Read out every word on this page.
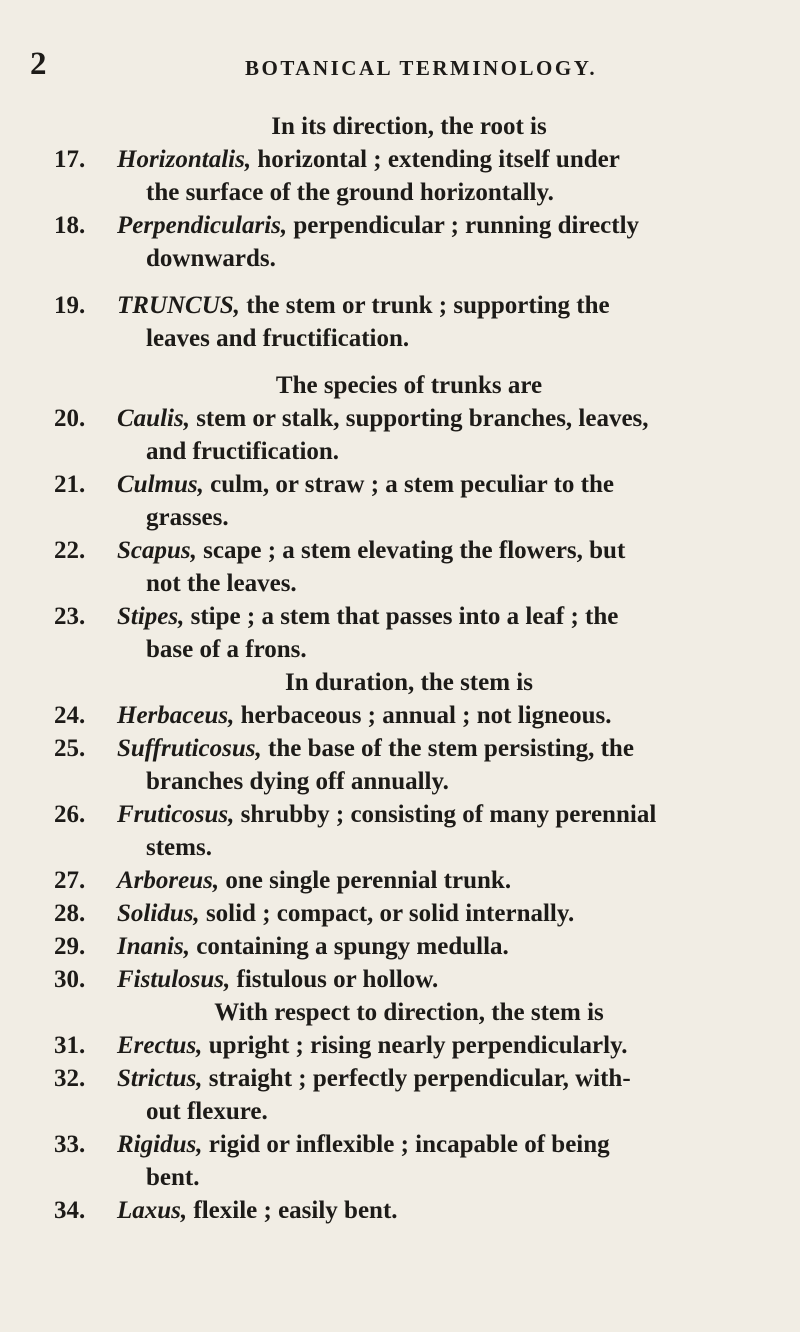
2	BOTANICAL TERMINOLOGY.
In its direction, the root is
17. Horizontalis, horizontal ; extending itself under
the surface of the ground horizontally.
18. Perpendicularis, perpendicular ; running directly
downwards.
19. TRUNCUS, the stem or trunk ; supporting the
leaves and fructification.
The species of trunks are
20. Caulis, stem or stalk, supporting branches, leaves,
and fructification.
21. Culmus, culm, or straw ; a stem peculiar to the
grasses.
22. Scapus, scape ; a stem elevating the flowers, but
not the leaves.
23. Stipes, stipe ; a stem that passes into a leaf ; the
base of a frons.
In duration, the stem is
24. Herbaceus, herbaceous ; annual ; not ligneous.
25. Suffruticosus, the base of the stem persisting, the
branches dying off annually.
26. Fruticosus, shrubby ; consisting of many perennial
stems.
27. Arboreus, one single perennial trunk.
28. Solidus, solid ; compact, or solid internally.
29. Inanis, containing a spungy medulla.
30. Fistulosus, fistulous or hollow.
With respect to direction, the stem is
31. Erectus, upright ; rising nearly perpendicularly.
32. Strictus, straight ; perfectly perpendicular, with-
out flexure.
33. Rigidus, rigid or inflexible ; incapable of being
bent.
34. Laxus, flexile ; easily bent.
